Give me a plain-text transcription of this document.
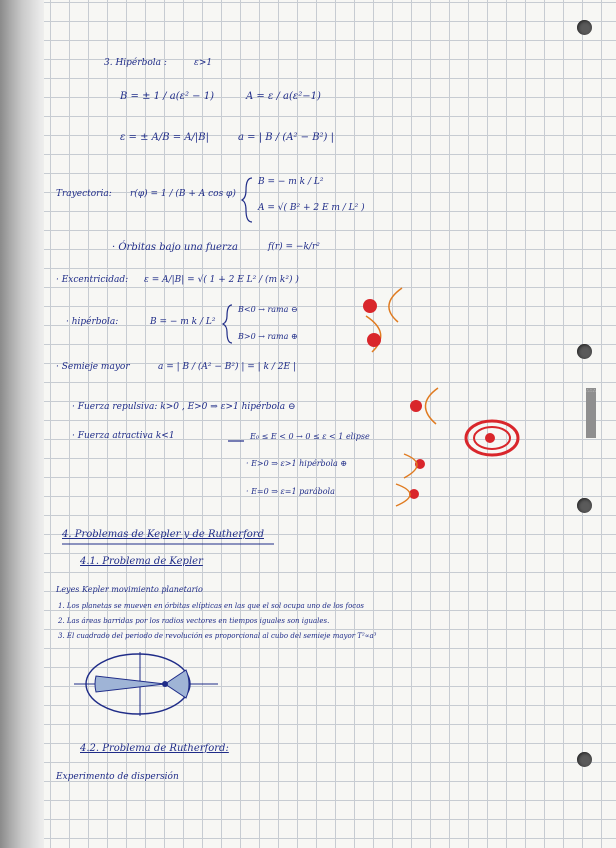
∴∴∴
3. Hipérbola :	ε>1
B = ± 1 / a(ε² − 1)	A = ε / a(ε²−1)
ε = ± A/B = A/|B|	a = | B / (A² − B²) |
Trayectoria: r(φ) = 1 / (B + A cos φ)
B = − m k / L²
A = √( B² + 2 E m / L² )
· Órbitas bajo una fuerza	f(r) = −k/r²
· Excentricidad: ε = A/|B| = √( 1 + 2 E L² / (m k²) )
· hipérbola:	B = − m k / L²
B<0 → rama ⊖
B>0 → rama ⊕
· Semieje mayor	a = | B / (A² − B²) | = | k / 2E |
· Fuerza repulsiva: k>0 , E>0 ⇒ ε>1 hipérbola ⊖
· Fuerza atractiva k<1	E₀ ≤ E < 0 → 0 ≤ ε < 1 elipse
· E>0 ⇒ ε>1 hipérbola ⊕
· E=0 ⇒ ε=1 parábola
4. Problemas de Kepler y de Rutherford
4.1. Problema de Kepler
Leyes Kepler movimiento planetario
1. Los planetas se mueven en órbitas elípticas en las que el sol ocupa uno de los focos
2. Las áreas barridas por los radios vectores en tiempos iguales son iguales.
3. El cuadrado del periodo de revolución es proporcional al cubo del semieje mayor T²∝a³
4.2. Problema de Rutherford:
Experimento de dispersión
